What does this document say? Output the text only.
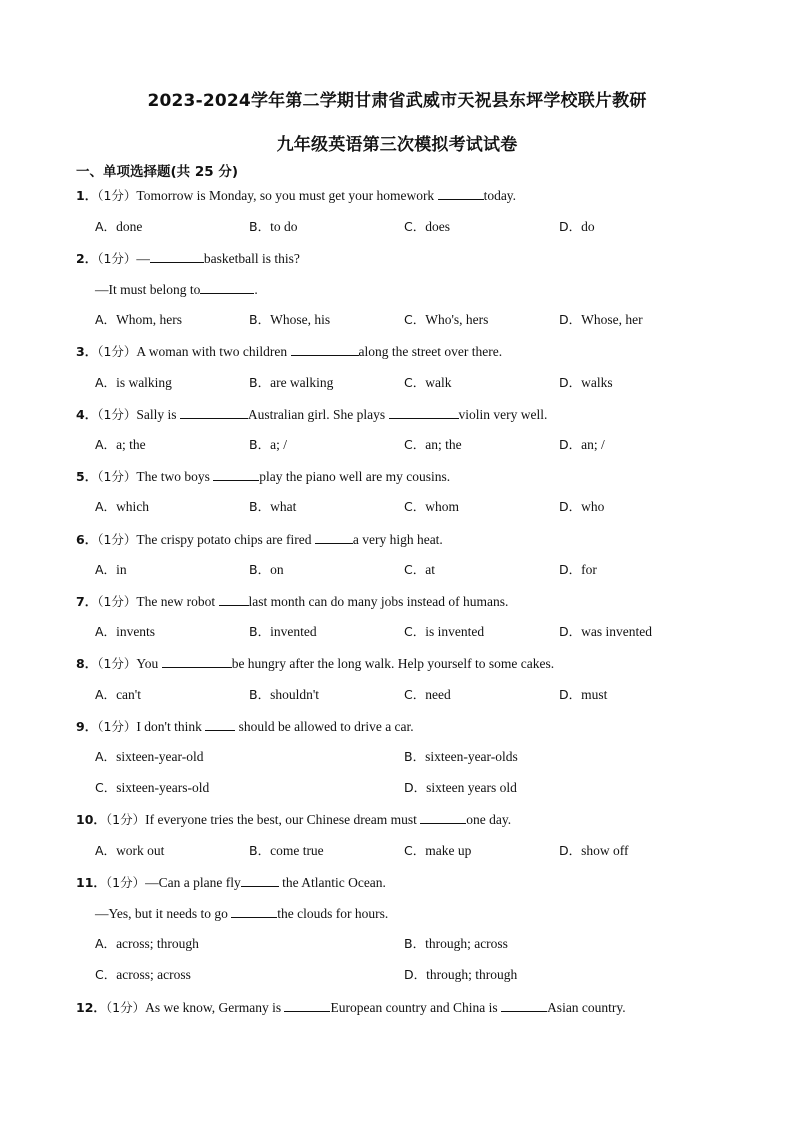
2023-2024学年第二学期甘肃省武威市天祝县东坪学校联片教研
九年级英语第三次模拟考试试卷
一、单项选择题(共 25 分)
1．（1分）Tomorrow is Monday, so you must get your homework	today.
A．done	B．to do	C．does	D．do
2．（1分）—	basketball is this?
—It must belong to	.
A．Whom, hers	B．Whose, his	C．Who's, hers	D．Whose, her
3．（1分）A woman with two children	along the street over there.
A．is walking	B．are walking	C．walk	D．walks
4．（1分）Sally is	Australian girl. She plays	violin very well.
A．a; the	B．a; /	C．an; the	D．an; /
5．（1分）The two boys	play the piano well are my cousins.
A．which	B．what	C．whom	D．who
6．（1分）The crispy potato chips are fired	a very high heat.
A．in	B．on	C．at	D．for
7．（1分）The new robot last month can do many jobs instead of humans.
A．invents	B．invented	C．is invented	D．was invented
8．（1分）You	be hungry after the long walk. Help yourself to some cakes.
A．can't	B．shouldn't	C．need	D．must
9．（1分）I don't think  should be allowed to drive a car.
A．sixteen-year-old	B．sixteen-year-olds
C．sixteen-years-old	D．sixteen years old
10．（1分）If everyone tries the best, our Chinese dream must	one day.
A．work out	B．come true	C．make up	D．show off
11．（1分）—Can a plane fly	the Atlantic Ocean.
—Yes, but it needs to go	the clouds for hours.
A．across; through	B．through; across
C．across; across	D．through; through
12．（1分）As we know, Germany is	European country and China is	Asian country.
